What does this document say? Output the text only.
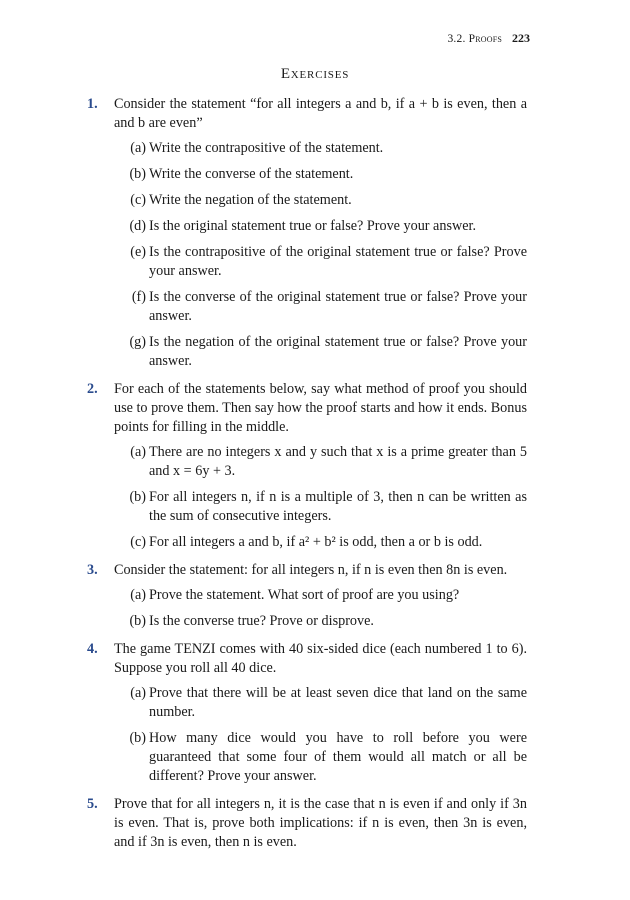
3.2. Proofs 223
Exercises
1. Consider the statement “for all integers a and b, if a + b is even, then a and b are even”
(a) Write the contrapositive of the statement.
(b) Write the converse of the statement.
(c) Write the negation of the statement.
(d) Is the original statement true or false? Prove your answer.
(e) Is the contrapositive of the original statement true or false? Prove your answer.
(f) Is the converse of the original statement true or false? Prove your answer.
(g) Is the negation of the original statement true or false? Prove your answer.
2. For each of the statements below, say what method of proof you should use to prove them. Then say how the proof starts and how it ends. Bonus points for filling in the middle.
(a) There are no integers x and y such that x is a prime greater than 5 and x = 6y + 3.
(b) For all integers n, if n is a multiple of 3, then n can be written as the sum of consecutive integers.
(c) For all integers a and b, if a² + b² is odd, then a or b is odd.
3. Consider the statement: for all integers n, if n is even then 8n is even.
(a) Prove the statement. What sort of proof are you using?
(b) Is the converse true? Prove or disprove.
4. The game TENZI comes with 40 six-sided dice (each numbered 1 to 6). Suppose you roll all 40 dice.
(a) Prove that there will be at least seven dice that land on the same number.
(b) How many dice would you have to roll before you were guaranteed that some four of them would all match or all be different? Prove your answer.
5. Prove that for all integers n, it is the case that n is even if and only if 3n is even. That is, prove both implications: if n is even, then 3n is even, and if 3n is even, then n is even.
